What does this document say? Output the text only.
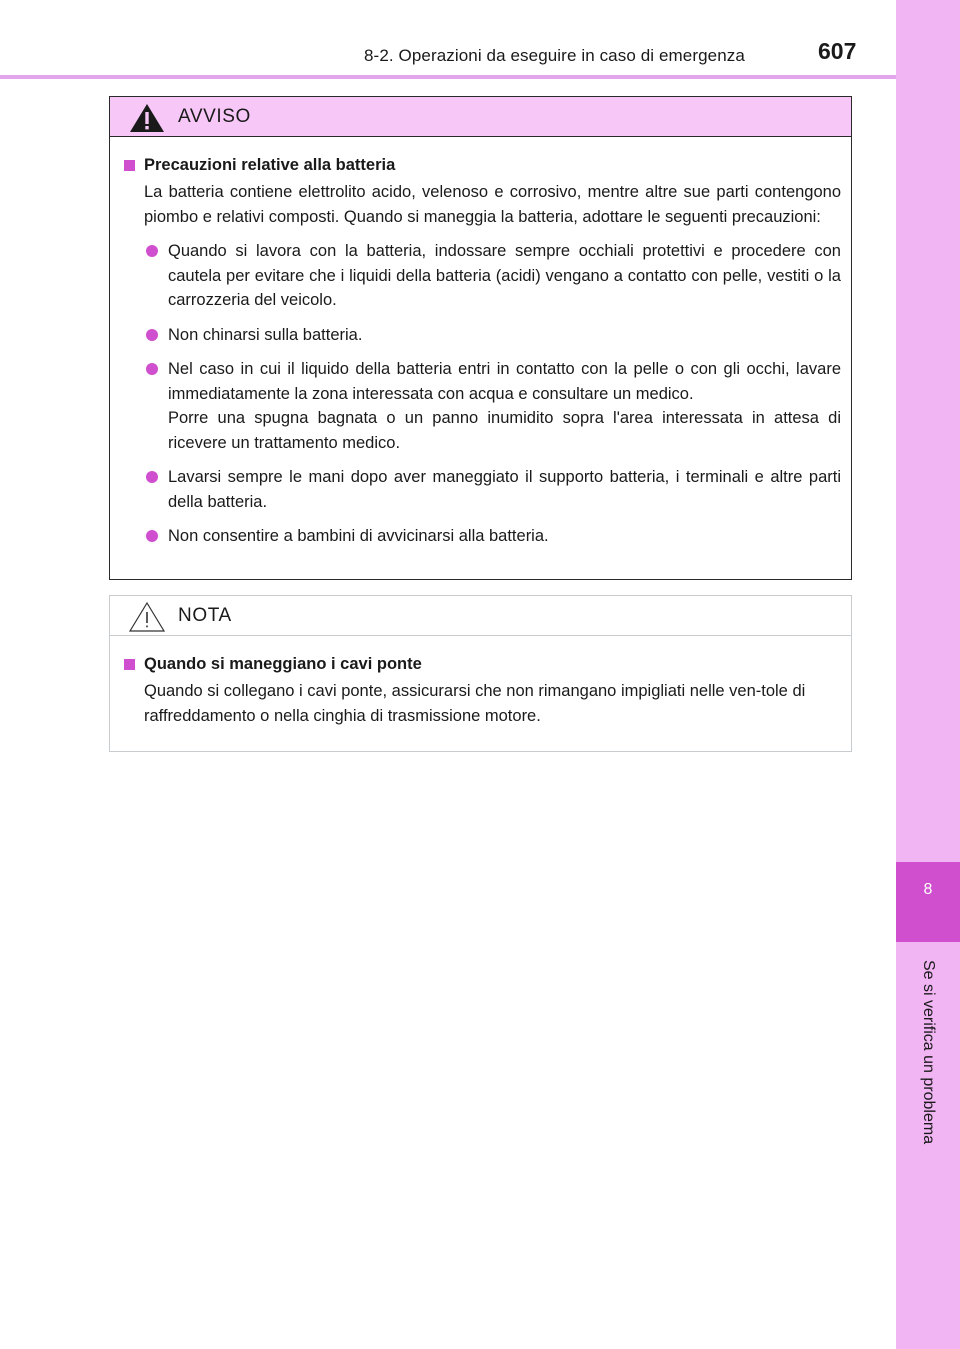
8-2. Operazioni da eseguire in caso di emergenza	607
8
Se si verifica un problema
AVVISO
Precauzioni relative alla batteria
La batteria contiene elettrolito acido, velenoso e corrosivo, mentre altre sue parti contengono piombo e relativi composti. Quando si maneggia la batteria, adottare le seguenti precauzioni:
Quando si lavora con la batteria, indossare sempre occhiali protettivi e procedere con cautela per evitare che i liquidi della batteria (acidi) vengano a contatto con pelle, vestiti o la carrozzeria del veicolo.
Non chinarsi sulla batteria.

Nel caso in cui il liquido della batteria entri in contatto con la pelle o con gli occhi, lavare immediatamente la zona interessata con acqua e consultare un medico.

Porre una spugna bagnata o un panno inumidito sopra l'area interessata in attesa di ricevere un trattamento medico.

Lavarsi sempre le mani dopo aver maneggiato il supporto batteria, i terminali e altre parti della batteria.
Non consentire a bambini di avvicinarsi alla batteria.
NOTA
Quando si maneggiano i cavi ponte
Quando si collegano i cavi ponte, assicurarsi che non rimangano impigliati nelle ven-tole di raffreddamento o nella cinghia di trasmissione motore.
